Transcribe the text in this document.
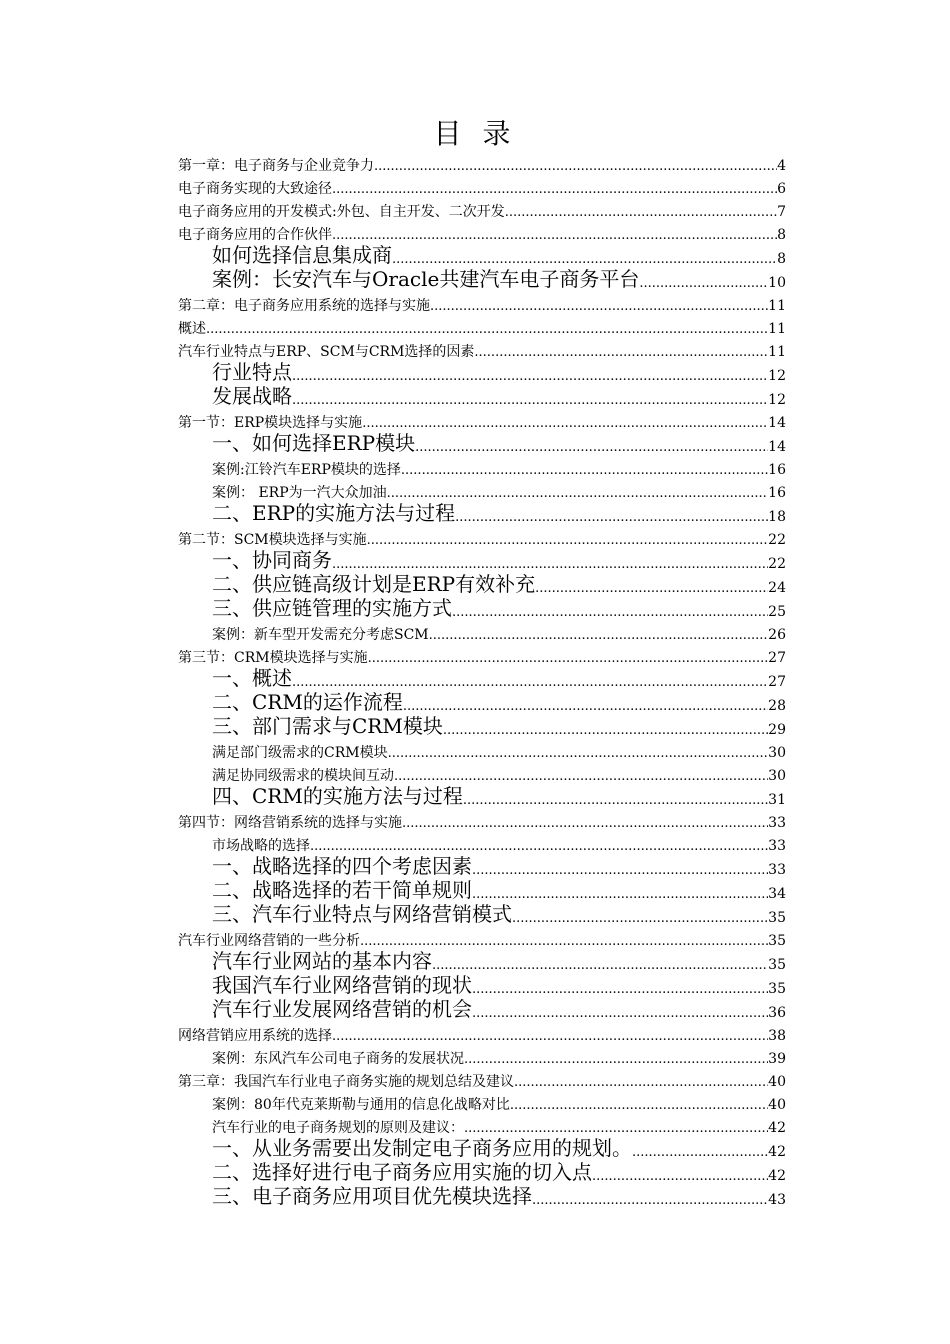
目 录
第一章：电子商务与企业竞争力 .....	4
电子商务实现的大致途径 .....	6
电子商务应用的开发模式:外包、自主开发、二次开发 .....	7
电子商务应用的合作伙伴 .....	8
如何选择信息集成商 .....	8
案例：长安汽车与Oracle共建汽车电子商务平台 .....	10
第二章：电子商务应用系统的选择与实施 .....	11
概述 .....	11
汽车行业特点与ERP、SCM与CRM选择的因素 .....	11
行业特点 .....	12
发展战略 .....	12
第一节：ERP模块选择与实施 .....	14
一、如何选择ERP模块 .....	14
案例:江铃汽车ERP模块的选择 .....	16
案例： ERP为一汽大众加油 .....	16
二、ERP的实施方法与过程 .....	18
第二节：SCM模块选择与实施 .....	22
一、协同商务 .....	22
二、供应链高级计划是ERP有效补充 .....	24
三、供应链管理的实施方式 .....	25
案例：新车型开发需充分考虑SCM .....	26
第三节：CRM模块选择与实施 .....	27
一、概述 .....	27
二、CRM的运作流程 .....	28
三、部门需求与CRM模块 .....	29
满足部门级需求的CRM模块 .....	30
满足协同级需求的模块间互动 .....	30
四、CRM的实施方法与过程 .....	31
第四节：网络营销系统的选择与实施 .....	33
市场战略的选择 .....	33
一、战略选择的四个考虑因素 .....	33
二、战略选择的若干简单规则 .....	34
三、汽车行业特点与网络营销模式 .....	35
汽车行业网络营销的一些分析 .....	35
汽车行业网站的基本内容 .....	35
我国汽车行业网络营销的现状 .....	35
汽车行业发展网络营销的机会 .....	36
网络营销应用系统的选择 .....	38
案例：东风汽车公司电子商务的发展状况 .....	39
第三章：我国汽车行业电子商务实施的规划总结及建议 .....	40
案例：80年代克莱斯勒与通用的信息化战略对比 .....	40
汽车行业的电子商务规划的原则及建议： .....	42
一、从业务需要出发制定电子商务应用的规划。 .....	42
二、选择好进行电子商务应用实施的切入点 .....	42
三、电子商务应用项目优先模块选择 .....	43
